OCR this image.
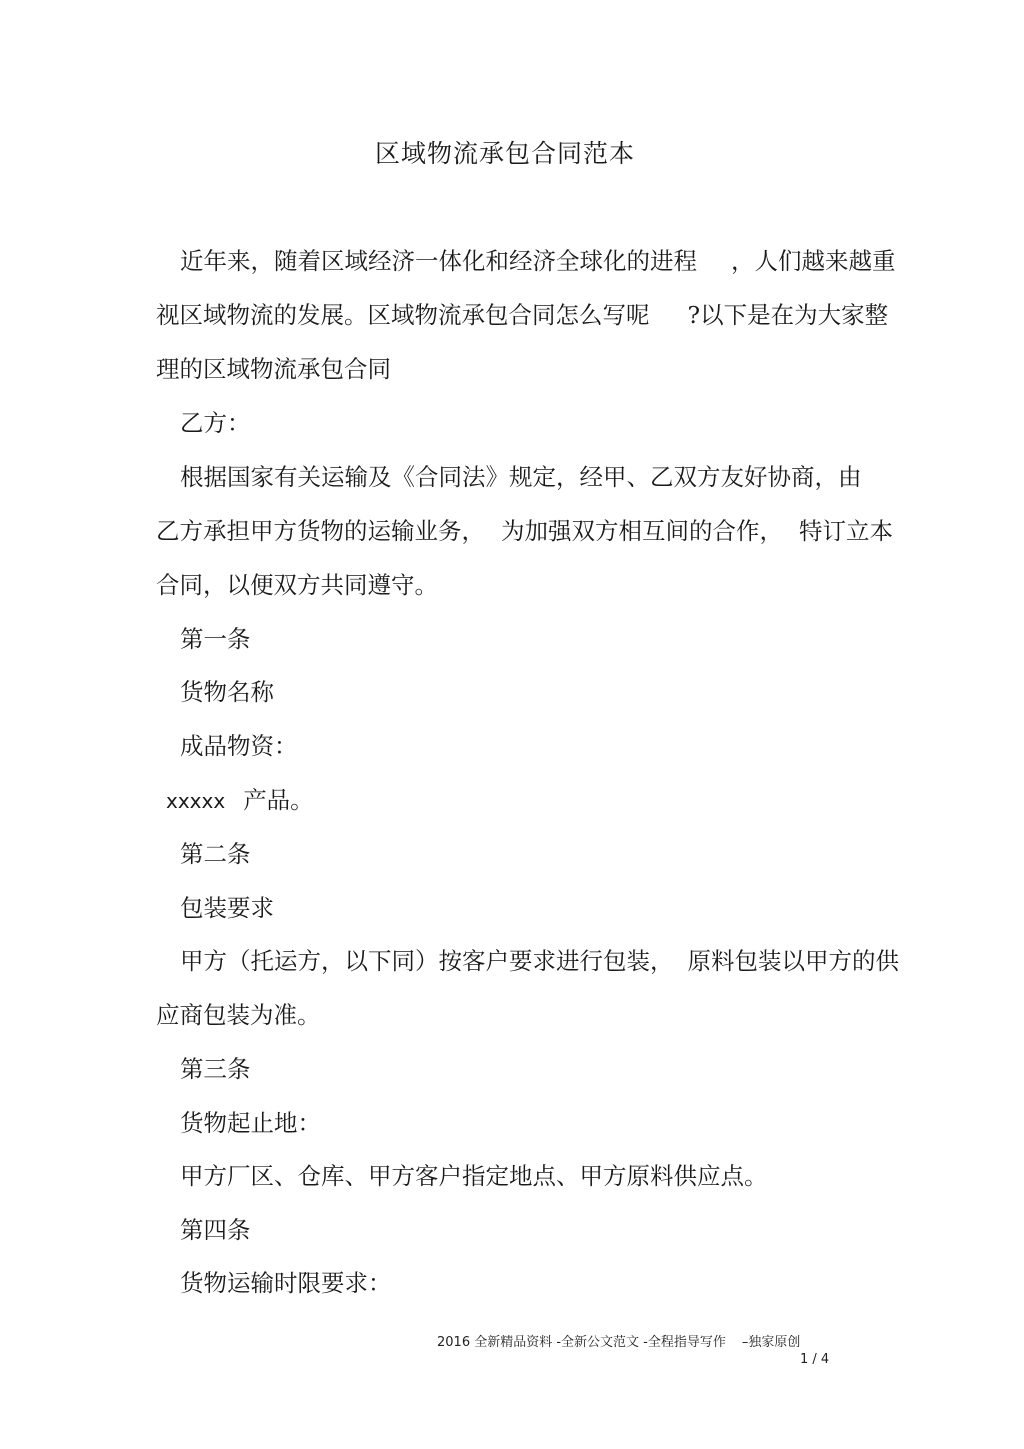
区域物流承包合同范本
近年来，随着区域经济一体化和经济全球化的进程 ，人们越来越重
视区域物流的发展。区域物流承包合同怎么写呢 ?以下是在为大家整
理的区域物流承包合同
乙方：
根据国家有关运输及《合同法》规定，经甲、乙双方友好协商，由
乙方承担甲方货物的运输业务， 为加强双方相互间的合作， 特订立本
合同，以便双方共同遵守。
第一条
货物名称
成品物资：
xxxxx 产品。
第二条
包装要求
甲方（托运方，以下同）按客户要求进行包装， 原料包装以甲方的供
应商包装为准。
第三条
货物起止地：
甲方厂区、仓库、甲方客户指定地点、甲方原料供应点。
第四条
货物运输时限要求：
2016 全新精品资料 -全新公文范文 -全程指导写作 –独家原创
1 / 4
